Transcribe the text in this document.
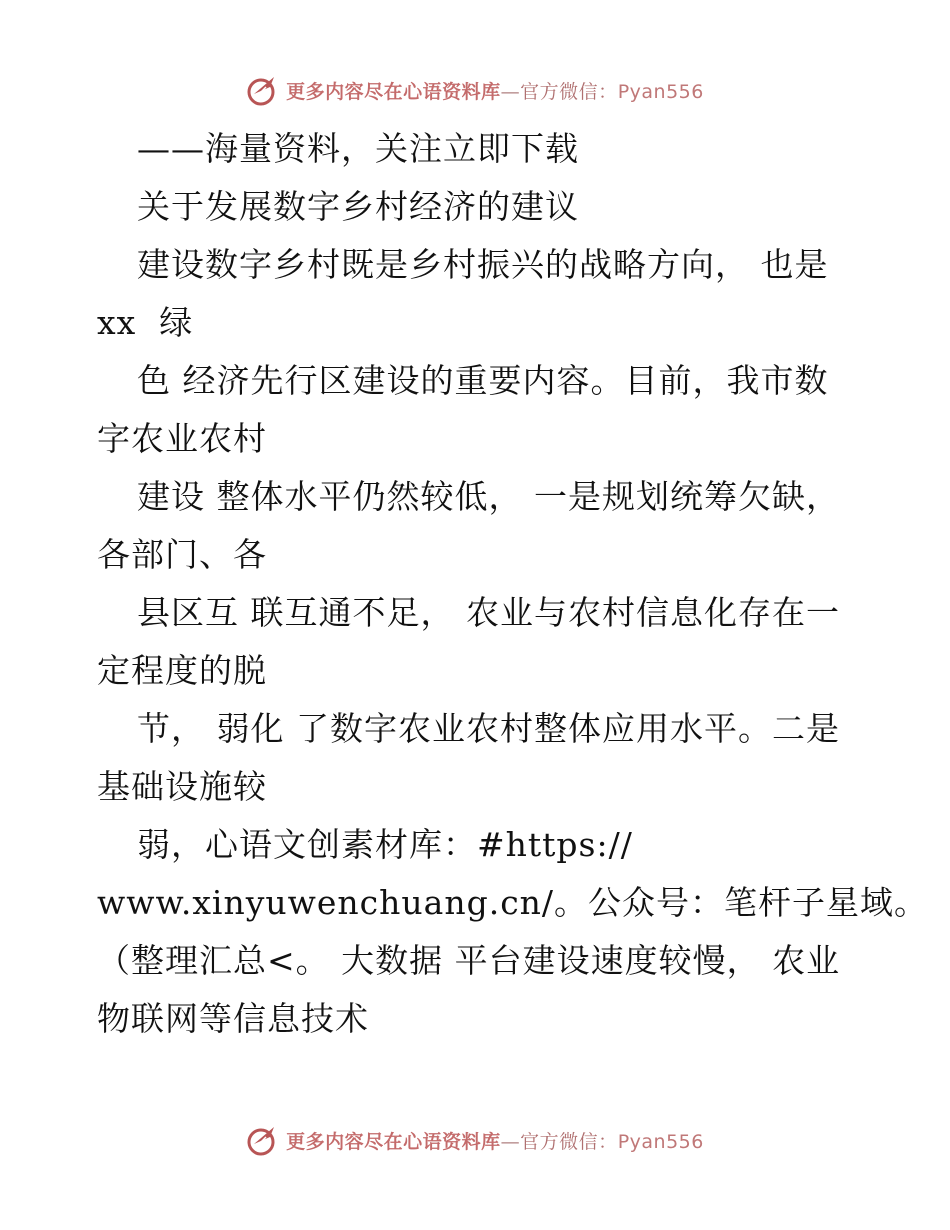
更多内容尽在心语资料库—官方微信：Pyan556
——海量资料，关注立即下载
关于发展数字乡村经济的建议
建设数字乡村既是乡村振兴的战略方向， 也是
xx  绿
色 经济先行区建设的重要内容。目前，我市数
字农业农村
建设 整体水平仍然较低， 一是规划统筹欠缺，
各部门、各
县区互 联互通不足， 农业与农村信息化存在一
定程度的脱
节， 弱化 了数字农业农村整体应用水平。二是
基础设施较
弱，心语文创素材库：#https://
www.xinyuwenchuang.cn/。公众号：笔杆子星域。
（整理汇总<。 大数据 平台建设速度较慢， 农业
物联网等信息技术
更多内容尽在心语资料库—官方微信：Pyan556
